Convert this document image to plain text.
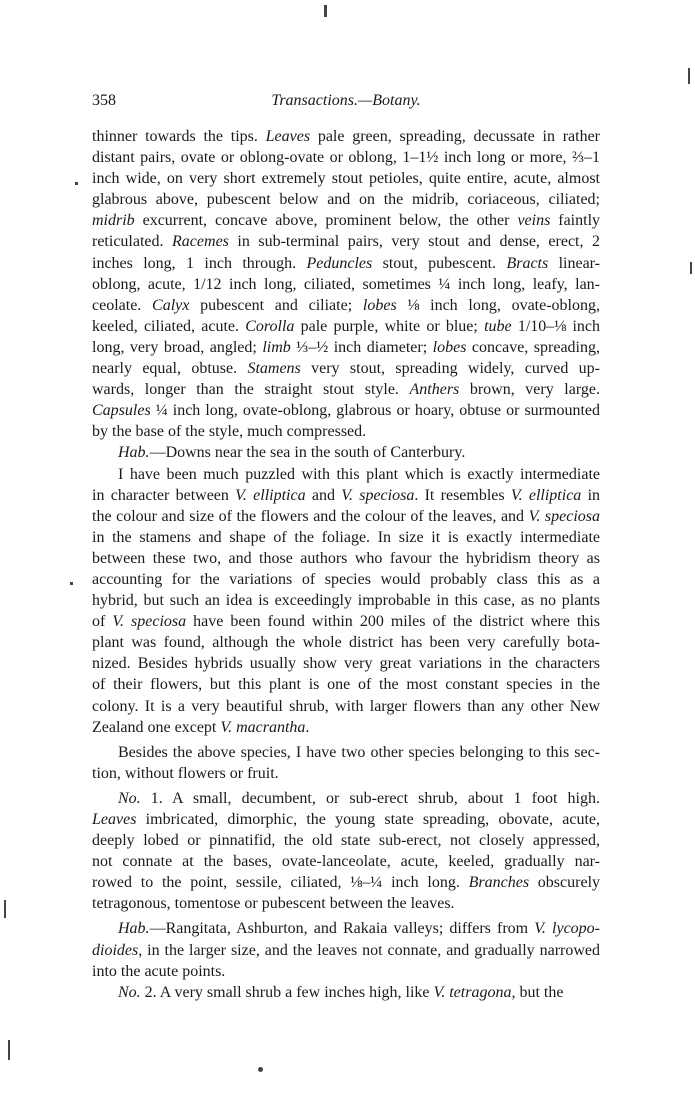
358	Transactions.—Botany.
thinner towards the tips. Leaves pale green, spreading, decussate in rather
distant pairs, ovate or oblong-ovate or oblong, 1–1½ inch long or more, ⅔–1
inch wide, on very short extremely stout petioles, quite entire, acute, almost
glabrous above, pubescent below and on the midrib, coriaceous, ciliated;
midrib excurrent, concave above, prominent below, the other veins faintly
reticulated. Racemes in sub-terminal pairs, very stout and dense, erect, 2
inches long, 1 inch through. Peduncles stout, pubescent. Bracts linear-
oblong, acute, 1/12 inch long, ciliated, sometimes ¼ inch long, leafy, lan-
ceolate. Calyx pubescent and ciliate; lobes ⅛ inch long, ovate-oblong,
keeled, ciliated, acute. Corolla pale purple, white or blue; tube 1/10–⅛ inch
long, very broad, angled; limb ⅓–½ inch diameter; lobes concave, spreading,
nearly equal, obtuse. Stamens very stout, spreading widely, curved up-
wards, longer than the straight stout style. Anthers brown, very large.
Capsules ¼ inch long, ovate-oblong, glabrous or hoary, obtuse or surmounted
by the base of the style, much compressed.
Hab.—Downs near the sea in the south of Canterbury.
I have been much puzzled with this plant which is exactly intermediate
in character between V. elliptica and V. speciosa. It resembles V. elliptica in
the colour and size of the flowers and the colour of the leaves, and V. speciosa
in the stamens and shape of the foliage. In size it is exactly intermediate
between these two, and those authors who favour the hybridism theory as
accounting for the variations of species would probably class this as a
hybrid, but such an idea is exceedingly improbable in this case, as no plants
of V. speciosa have been found within 200 miles of the district where this
plant was found, although the whole district has been very carefully bota-
nized. Besides hybrids usually show very great variations in the characters
of their flowers, but this plant is one of the most constant species in the
colony. It is a very beautiful shrub, with larger flowers than any other New
Zealand one except V. macrantha.
Besides the above species, I have two other species belonging to this sec-
tion, without flowers or fruit.
No. 1. A small, decumbent, or sub-erect shrub, about 1 foot high.
Leaves imbricated, dimorphic, the young state spreading, obovate, acute,
deeply lobed or pinnatifid, the old state sub-erect, not closely appressed,
not connate at the bases, ovate-lanceolate, acute, keeled, gradually nar-
rowed to the point, sessile, ciliated, ⅛–¼ inch long. Branches obscurely
tetragonous, tomentose or pubescent between the leaves.
Hab.—Rangitata, Ashburton, and Rakaia valleys; differs from V. lycopo-
dioides, in the larger size, and the leaves not connate, and gradually narrowed
into the acute points.
No. 2. A very small shrub a few inches high, like V. tetragona, but the
